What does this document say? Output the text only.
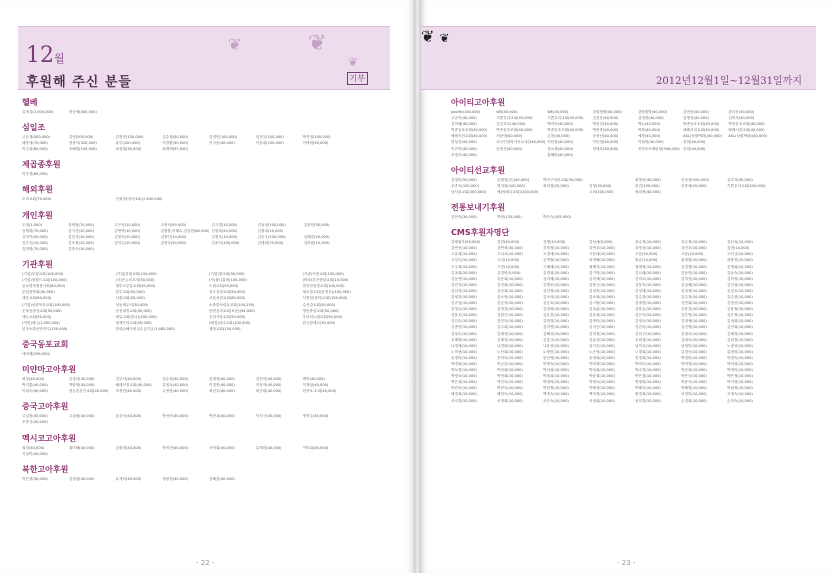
❦	❦
❦
12월
후원해 주신 분들	기부
헬베
유정옥(2,000,000)	정공세(400,000)
심일조
고승재(500,000)	김영(200,000)	김현종(100,000)	김수철(50,000)	김영민(100,000)	임현주(100,000)	박진영(100,000)
배종대(70,000)	염상익(320,000)	유부(100,000)	이경환(50,000)	이식문(40,000)	이윤희(100,000)	이태혁(50,000)
이주희(80,000)	조해원(150,000)	최성철(30,000)	최재택(97,000)
제곱종후원
이우현(85,000)
해외후원
도하교회(70,000)	신희정(미국/10)(1,500,000)
개인후원
도영(1,000)	강영철(70,000)	고은영(10,000)	고정석(50,000)	김시경(10,000)	김남형(100,000)	김창민(50,000)
김명화(70,000)	김시선(10,000)	김명박(10,000)	김영춘,이혜수,김상현(80,000) 김장희(20,000)	김철희(10,000)
김하이(50,000)	김진식(10,000)	김정선(10,000)	김정인(10,000)	김정호(10,000)	김순주(100,000)	김혜진(20,000)
김은숙(10,000)	김호영(10,000)	김인수(10,000)	김정숙(50,000)	김윤석(100,000)	김태희(70,000)	김비원(10,000)
김현명(70,000)	김종숙(10,000)
기관후원
(기업)부평교회(100,000)	(기업)강원교회(100,000)	(기업)엘교회(50,000)	(기관)이현교회(100,000)
(기업)정원드교회(100,000)	(사)은누리모자(50,000)	(사)횔니홍련(100,000)	(비타)부산중앙교회(10,000)
공로별자원봉사회(60,000)	대부도부흥교회(50,000)	도림교회(50,000)	만리현성결교회(100,000)
문일장학회(30,000)	문부교회(50,000)	성도성결교회(50,000)	새소망교회(한영부)(100,000)
새문교회(80,000)	서광교회(50,000)	서울성결교회(60,000)	서현한(장학)교회(100,000)
(기업)선한목자교회(100,000)	성동세무서(30,000)	소중한사람들교회(104,250)	수석강교회(50,000)
순복음강남교회(50,000)	순천대정교회(50,000)	안양감리교회(보문)(94,000)	영동중앙교회(50,000)
애능교회(50,000)	애일교회(한나)(200,000)	우리사랑교회(50,000)	우리의노래교회(50,000)
(커먼)애니(1,000,000)	형제은라교회(50,000)	(배경)하나교회(100,000)	한국장애교(30,000)
한국소화공단이지(150,000)	한화손해사랑실손심기금(1,485,000)	행복교회(150,000)
중국동포교회
애버렌(256,000)
미얀마고아후원
곽상(40,000)	김경녀(40,000)	김부서(40,000)	김수철(40,000)	김재영(40,000)	김현석(40,000)	박미(40,000)
박지훈(40,000)	박화영(40,000)	배레서천교회(40,000)	유정옥(40,000)	이경민(40,000)	이정자(40,000)	이재상(40,000)
이희숙(40,000)	정돈흔징진교회(40,000)	조경민(40,000)	주정용(40,000)	최선우(40,000)	최신희(40,000)	한종호,소희(40,000)
중국고아후원
고일정(40,000)	고옥원(40,000)	윤강숙(40,000)	박선아(40,000)	박현옥(40,000)	이서구(40,000)	정현주(40,000)
조종식(40,000)
멕시코고아후원
권미(40,000)	권미혜(40,000)	김원미(40,000)	박미전(40,000)	서영희(40,000)	유재미(40,000)	이미희(40,000)
이상미(40,000)
북한고아후원
이은경(30,000)	김정원(40,000)	유재미(40,000)	정원정(40,000)	김해홍(40,000)
- 22 -
❦ ❦
2012년12월1일~12월31일까지
아이티고아후원
pacific(140,000)	WE(40,000)	WE(40,000)	강원철방(40,000)	강원철방(40,000)	강현송(40,000)	강다운(40,000)
고순이(40,000)	기쁜우리교회(40,000)	기쁜우리교회(40,000)	김경웅(40,000)	김대경(40,000)	김명선(40,000)	김미자(40,000)
김미혜(40,000)	김선호모(40,000)	박미아(40,000)	박선진(40,000)	박수(40,000)	박종동호조원(40,000)	박종동호조원(40,000)
박종동호조원(40,000)	박종동호조원(40,000)	박종동호조원(40,000)	박현종(40,000)	박정(40,000)	배레서천교회(40,000)	배레서천교회(40,000)
배레서천교회(40,000)	서문태(40,000)	손현(40,000)	송현선(40,000)	예정(40,000)	ASL(성원백화)(40,000)	ASL(성원백화)(40,000)
양성건(40,000)	외국인대학기독교사(240,000) 이단정(40,000)	이단정(40,000)	이재혁(40,000)	전희(40,000)
이진이(40,000)	임현진(40,000)	정요셉(40,000)	정태호(40,000)	진영포브레임양(546,000) 한희(40,000)
조정우(40,000)	홍해란(40,000)
아이티선교후원
김영미(50,000)	본월업(부)(40,000)	박아구내선교회(50,000)	최영선(40,000)	신상용(100,000)	유부자(30,000)
조종숙(100,000)	연지희(100,000)	최미정(20,000)	한영(30,000)	한진(100,000)	한종세(20,000)	기쁜우리교회(200,000)
남서울교회(200,000)	예찬(베나교회)(100,000)	고의(100,000)	정희정(40,000)
전통보내기후원
강현숙(30,000)	박정(135,000)	박은숙(105,000)
CMS후원자명단
강혜철부(50,000)	강민(40,000)	강명(10,000)	강성애(5,000)	강수정(10,000)	강수정(10,000)	강신옥(10,000)
강연선(10,000)	강연정(30,000)	강정정(10,000)	강연우(10,000)	강정상(10,000)	강진우(10,000)	강현(14,000)
고유희(10,000)	고나교(10,000)	고경애(10,000)	고문대(10,000)	고문(10,000)	고문(10,000)	고인규(10,000)
고일득(10,000)	고일(10,000)	공역철(10,000)	곽경해(10,000)	곽승(10,000)	곽정원(10,000)	곽충찬(10,000)
구주희(10,000)	구진(10,000)	구혜혜(10,000)	권혜진(10,000)	권재영(10,000)	김경생(10,000)	김명희(10,000)
길옥희(10,000)	김경민(5,000)	김경희(10,000)	김기명(10,000)	김나래(10,000)	김동민(10,000)	김동숙(10,000)
김동연(10,000)	김동희(10,000)	김다례(10,000)	김미예(10,000)	김미오(10,000)	김미전(10,000)	김미정(10,000)
김민지(10,000)	김민희(10,000)	김병문(10,000)	김봉근(10,000)	김봉호(10,000)	김상배(10,000)	김상열(10,000)
김선미(10,000)	김선희(10,000)	김선영(10,000)	김성민(10,000)	김성태(10,000)	김성혁(10,000)	김성호(10,000)
김세진(10,000)	김소영(10,000)	김소라(10,000)	김소희(10,000)	김수경(10,000)	김수정(10,000)	김수현(10,000)
김순임(10,000)	김순자(10,000)	김승호(10,000)	김시원(10,000)	김애경(10,000)	김연희(10,000)	김영신(10,000)
김영수(10,000)	김영진(10,000)	김영희(10,000)	김옥분(10,000)	김용수(10,000)	김용진(10,000)	김용철(10,000)
김용호(10,000)	김원근(10,000)	김유진(10,000)	김윤희(10,000)	김은숙(10,000)	김은영(10,000)	김은정(10,000)
김인수(10,000)	김인숙(10,000)	김재경(10,000)	김정미(10,000)	김정숙(10,000)	김정애(10,000)	김정희(10,000)
김종민(10,000)	김주희(10,000)	김지연(10,000)	김지은(10,000)	김진숙(10,000)	김진영(10,000)	김진희(10,000)
김창수(10,000)	김태선(10,000)	김해선(10,000)	김현정(10,000)	김현주(10,000)	김형숙(10,000)	김혜경(10,000)
김혜영(10,000)	김혜진(10,000)	김홍규(10,000)	김효선(10,000)	김희경(10,000)	김희숙(10,000)	김희정(10,000)
나경애(10,000)	나경화(10,000)	나윤선(10,000)	남기순(10,000)	남미숙(10,000)	남영미(10,000)	노광선(10,000)
노미현(10,000)	노선희(10,000)	노영민(10,000)	노은영(10,000)	도경희(10,000)	류경숙(10,000)	류정미(10,000)
문경미(10,000)	문미숙(10,000)	문선영(10,000)	문정희(10,000)	민경희(10,000)	박경미(10,000)	박경숙(10,000)
박경희(10,000)	박금순(10,000)	박명숙(10,000)	박미경(10,000)	박미숙(10,000)	박미정(10,000)	박미희(10,000)
박보경(10,000)	박상희(10,000)	박선희(10,000)	박성희(10,000)	박수정(10,000)	박순희(10,000)	박영미(10,000)
박영숙(10,000)	박영희(10,000)	박옥희(10,000)	박윤희(10,000)	박은경(10,000)	박은숙(10,000)	박은정(10,000)
박은희(10,000)	박인숙(10,000)	박정미(10,000)	박정숙(10,000)	박정희(10,000)	박종숙(10,000)	박지영(10,000)
박진숙(10,000)	박현숙(10,000)	박현정(10,000)	박혜경(10,000)	박혜숙(10,000)	박혜영(10,000)	박희정(10,000)
배경희(10,000)	배미숙(10,000)	백경숙(10,000)	백미정(10,000)	변경희(10,000)	서경미(10,000)	서명숙(10,000)
서미경(10,000)	서영희(10,000)	서은숙(10,000)	서정희(10,000)	성미경(10,000)	손경희(10,000)	손미숙(10,000)
- 23 -
